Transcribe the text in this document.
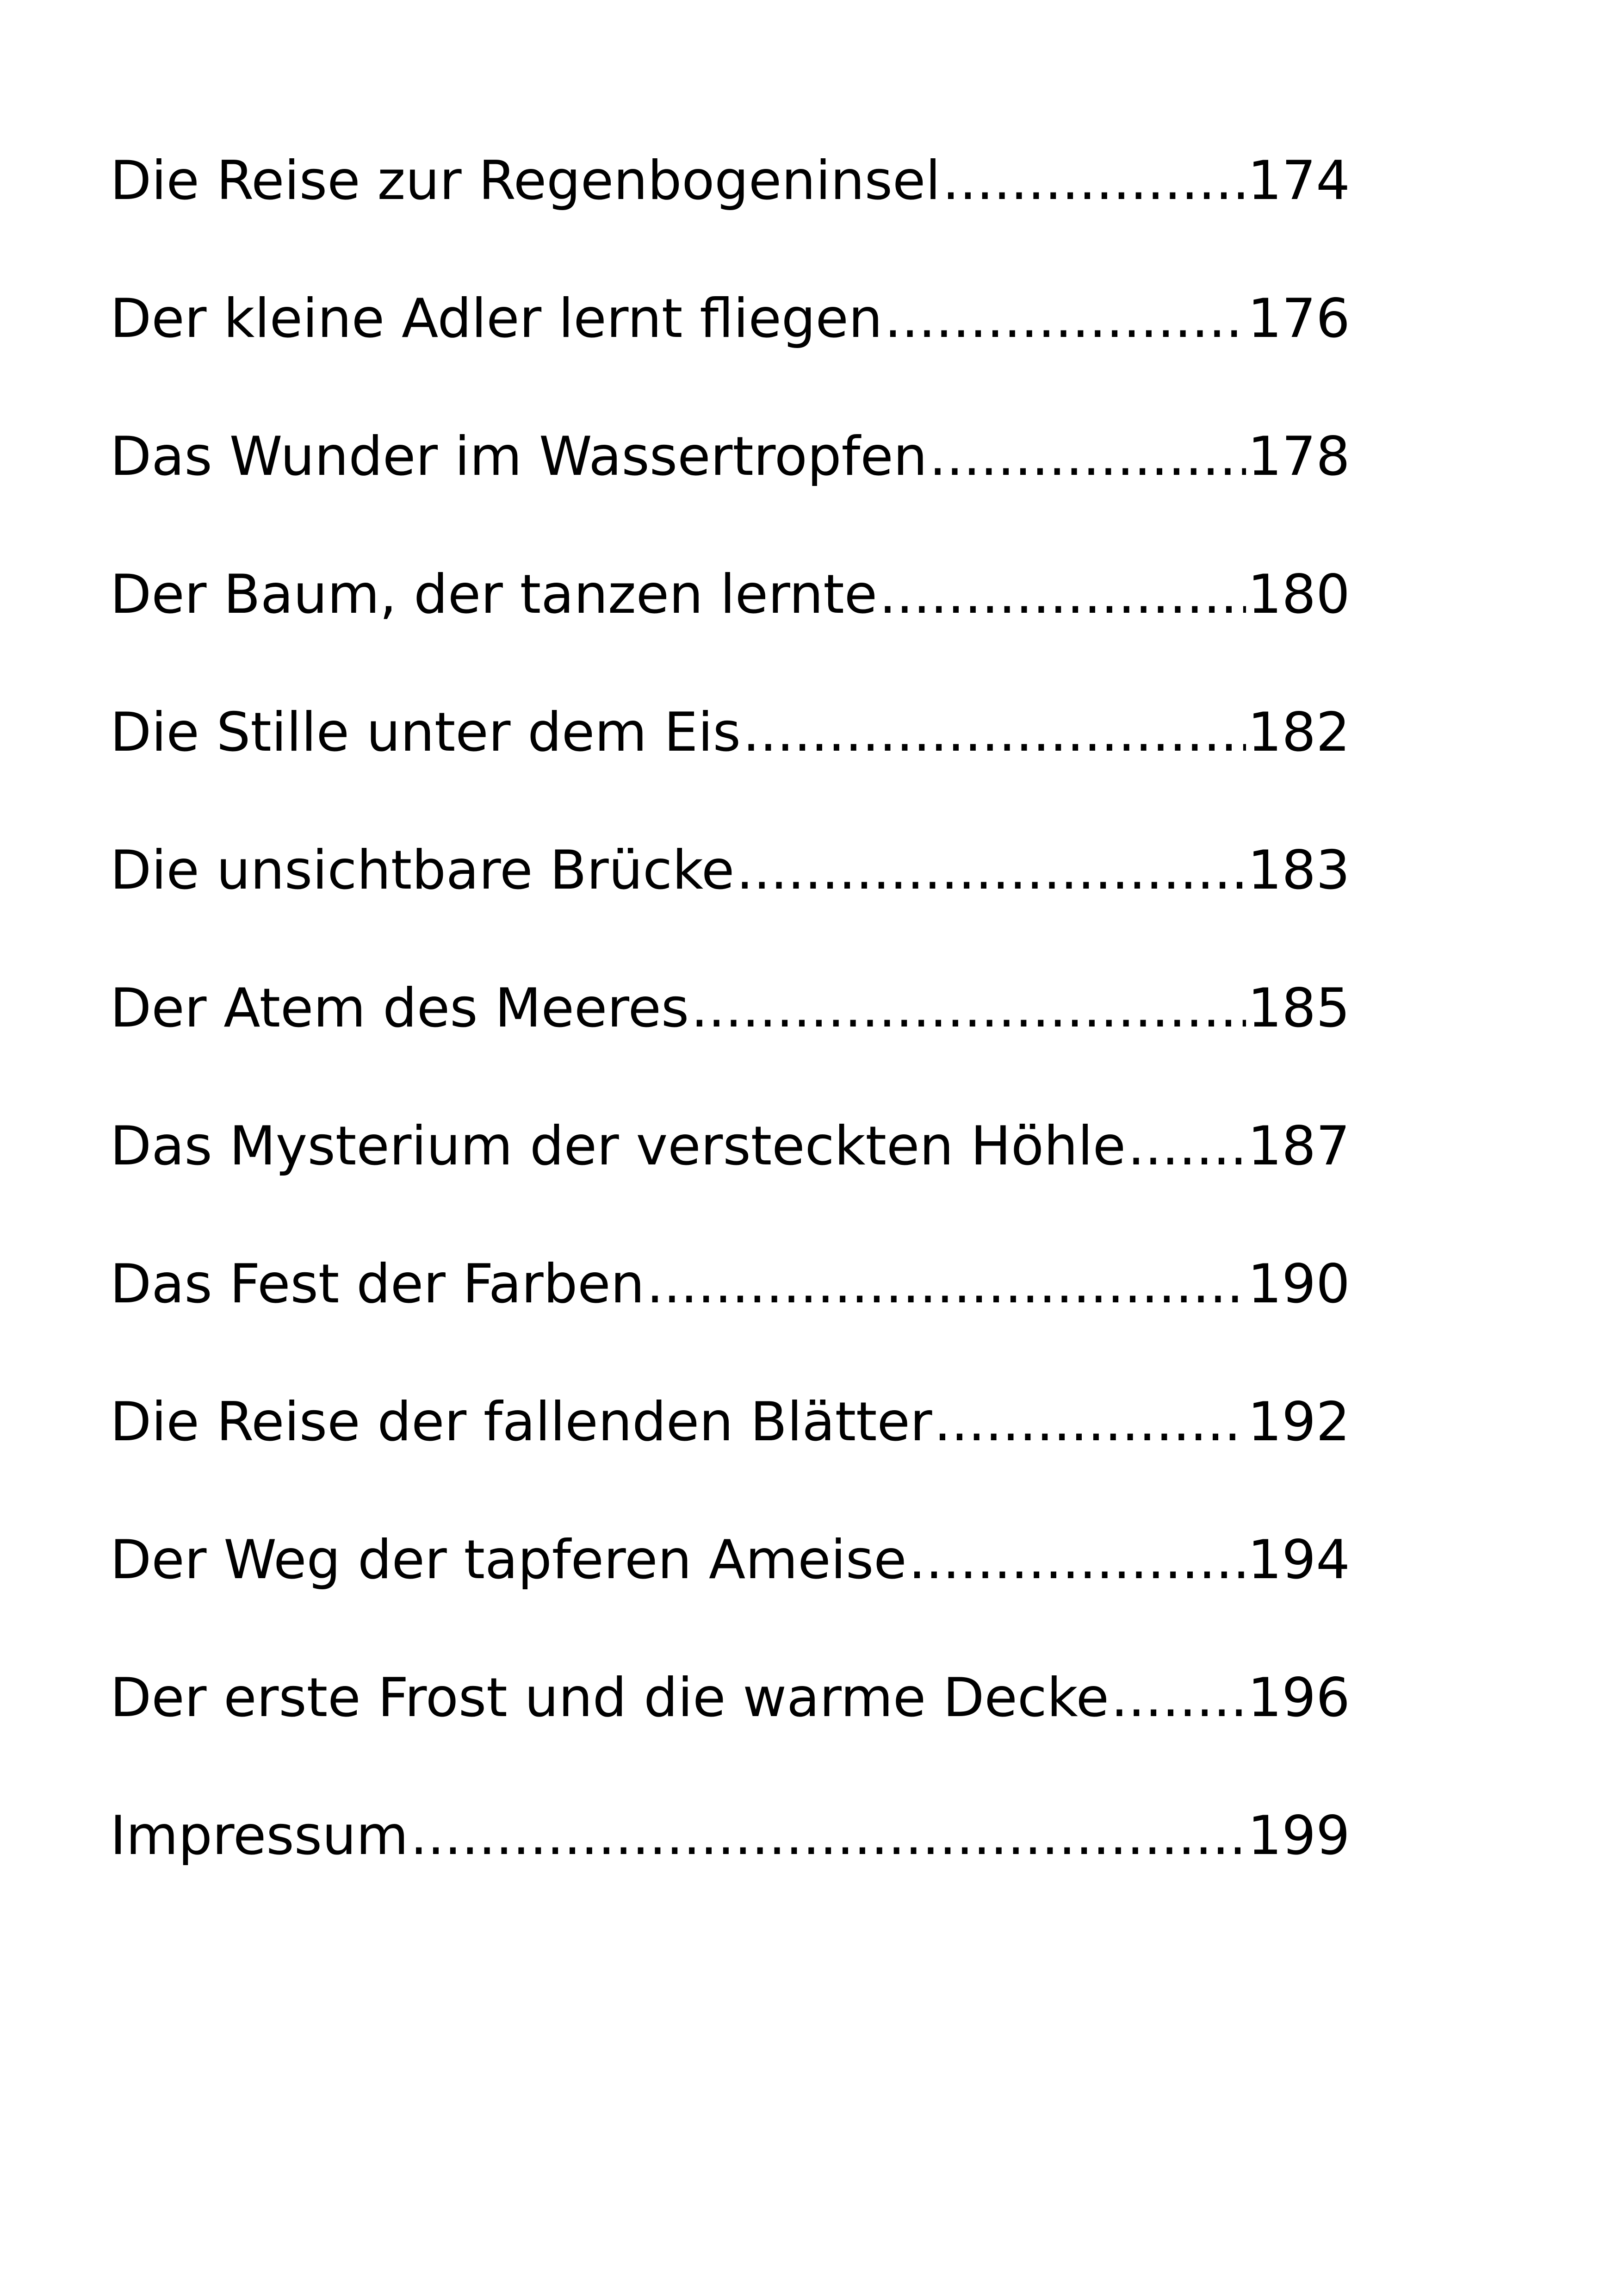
Die Reise zur Regenbogeninsel .....	174
Der kleine Adler lernt fliegen .....	176
Das Wunder im Wassertropfen .....	178
Der Baum, der tanzen lernte .....	180
Die Stille unter dem Eis .....	182
Die unsichtbare Brücke .....	183
Der Atem des Meeres .....	185
Das Mysterium der versteckten Höhle ..... 187
Das Fest der Farben .....	190
Die Reise der fallenden Blätter .....	192
Der Weg der tapferen Ameise .....	194
Der erste Frost und die warme Decke .....	196
Impressum .....	199
